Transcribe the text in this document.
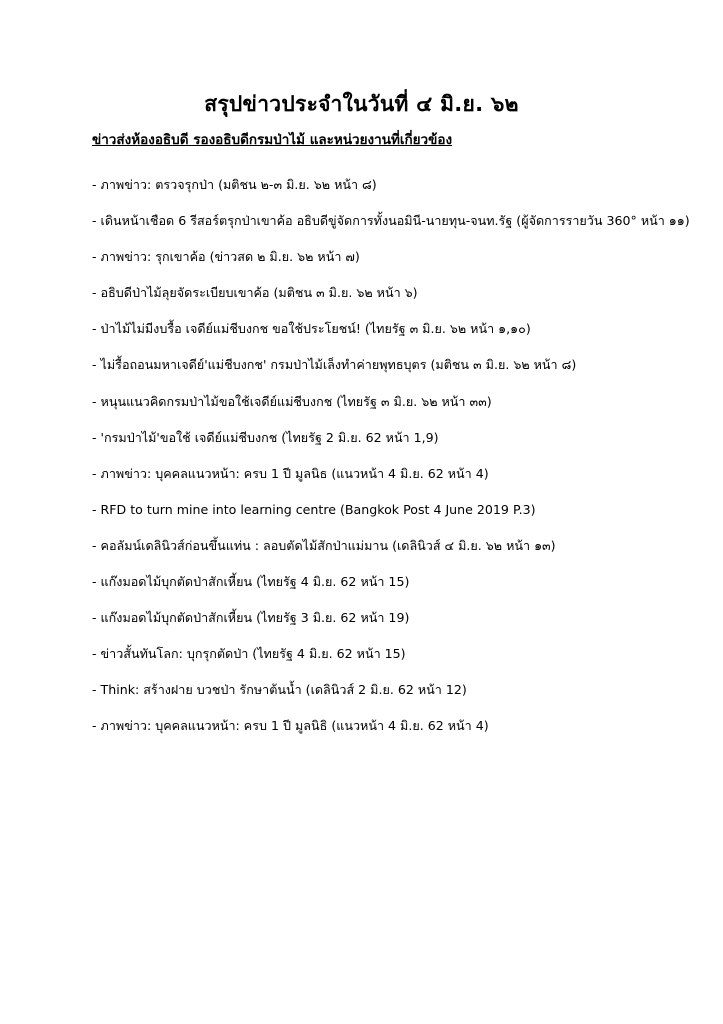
สรุปข่าวประจำในวันที่ ๔ มิ.ย. ๖๒
ข่าวส่งห้องอธิบดี รองอธิบดีกรมป่าไม้ และหน่วยงานที่เกี่ยวข้อง
- ภาพข่าว: ตรวจรุกป่า (มติชน ๒-๓ มิ.ย. ๖๒ หน้า ๘)
- เดินหน้าเชือด 6 รีสอร์ตรุกป่าเขาค้อ อธิบดีขู่จัดการทั้งนอมินี-นายทุน-จนท.รัฐ (ผู้จัดการรายวัน 360° หน้า ๑๑)
- ภาพข่าว: รุกเขาค้อ (ข่าวสด ๒ มิ.ย. ๖๒ หน้า ๗)
- อธิบดีป่าไม้ลุยจัดระเบียบเขาค้อ (มติชน ๓ มิ.ย. ๖๒ หน้า ๖)
- ป่าไม้ไม่มีงบรื้อ เจดีย์แม่ชีบงกช ขอใช้ประโยชน์! (ไทยรัฐ ๓ มิ.ย. ๖๒ หน้า ๑,๑๐)
- ไม่รื้อถอนมหาเจดีย์'แม่ชีบงกช' กรมป่าไม้เล็งทำค่ายพุทธบุตร (มติชน ๓ มิ.ย. ๖๒ หน้า ๘)
- หนุนแนวคิดกรมป่าไม้ขอใช้เจดีย์แม่ชีบงกช (ไทยรัฐ ๓ มิ.ย. ๖๒ หน้า ๓๓)
- 'กรมป่าไม้'ขอใช้ เจดีย์แม่ชีบงกช (ไทยรัฐ 2 มิ.ย. 62 หน้า 1,9)
- ภาพข่าว: บุคคลแนวหน้า: ครบ 1 ปี มูลนิธ (แนวหน้า 4 มิ.ย. 62 หน้า 4)
- RFD to turn mine into learning centre (Bangkok Post 4 June 2019 P.3)
- คอลัมน์เดลินิวส์ก่อนขึ้นแท่น : ลอบตัดไม้สักป่าแม่มาน (เดลินิวส์ ๔ มิ.ย. ๖๒ หน้า ๑๓)
- แก๊งมอดไม้บุกตัดป่าสักเหี้ยน (ไทยรัฐ 4 มิ.ย. 62 หน้า 15)
- แก๊งมอดไม้บุกตัดป่าสักเหี้ยน (ไทยรัฐ 3 มิ.ย. 62 หน้า 19)
- ข่าวสั้นทันโลก: บุกรุกตัดป่า (ไทยรัฐ 4 มิ.ย. 62 หน้า 15)
- Think: สร้างฝาย บวชป่า รักษาต้นน้ำ (เดลินิวส์ 2 มิ.ย. 62 หน้า 12)
- ภาพข่าว: บุคคลแนวหน้า: ครบ 1 ปี มูลนิธิ (แนวหน้า 4 มิ.ย. 62 หน้า 4)
